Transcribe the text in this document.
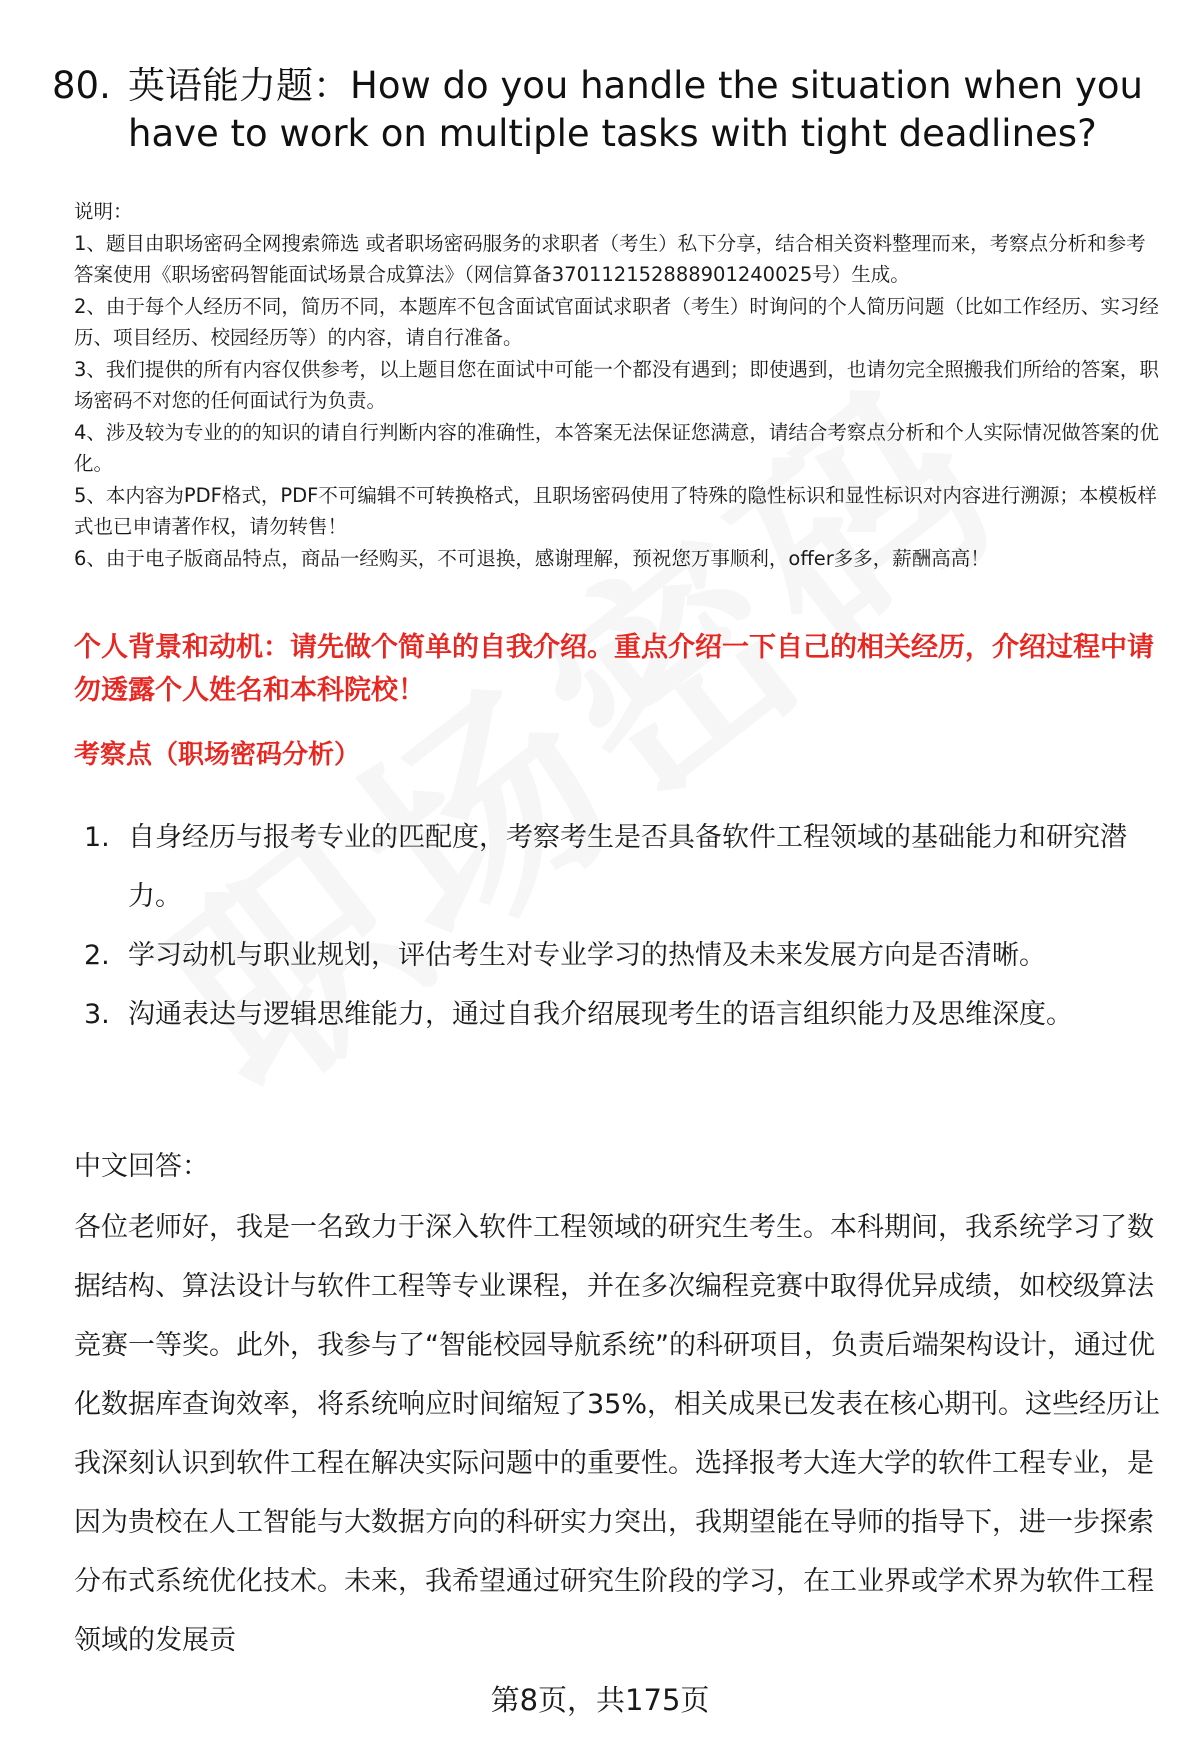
80. 英语能力题：How do you handle the situation when you have to work on multiple tasks with tight deadlines?
说明：
1、题目由职场密码全网搜索筛选 或者职场密码服务的求职者（考生）私下分享，结合相关资料整理而来，考察点分析和参考答案使用《职场密码智能面试场景合成算法》（网信算备370112152888901240025号）生成。
2、由于每个人经历不同，简历不同，本题库不包含面试官面试求职者（考生）时询问的个人简历问题（比如工作经历、实习经历、项目经历、校园经历等）的内容，请自行准备。
3、我们提供的所有内容仅供参考，以上题目您在面试中可能一个都没有遇到；即使遇到，也请勿完全照搬我们所给的答案，职场密码不对您的任何面试行为负责。
4、涉及较为专业的的知识的请自行判断内容的准确性，本答案无法保证您满意，请结合考察点分析和个人实际情况做答案的优化。
5、本内容为PDF格式，PDF不可编辑不可转换格式，且职场密码使用了特殊的隐性标识和显性标识对内容进行溯源；本模板样式也已申请著作权，请勿转售！
6、由于电子版商品特点，商品一经购买，不可退换，感谢理解，预祝您万事顺利，offer多多，薪酬高高！
个人背景和动机：请先做个简单的自我介绍。重点介绍一下自己的相关经历，介绍过程中请勿透露个人姓名和本科院校！
考察点（职场密码分析）
1. 自身经历与报考专业的匹配度，考察考生是否具备软件工程领域的基础能力和研究潜力。
2. 学习动机与职业规划，评估考生对专业学习的热情及未来发展方向是否清晰。
3. 沟通表达与逻辑思维能力，通过自我介绍展现考生的语言组织能力及思维深度。
中文回答：
各位老师好，我是一名致力于深入软件工程领域的研究生考生。本科期间，我系统学习了数据结构、算法设计与软件工程等专业课程，并在多次编程竞赛中取得优异成绩，如校级算法竞赛一等奖。此外，我参与了“智能校园导航系统”的科研项目，负责后端架构设计，通过优化数据库查询效率，将系统响应时间缩短了35%，相关成果已发表在核心期刊。这些经历让我深刻认识到软件工程在解决实际问题中的重要性。选择报考大连大学的软件工程专业，是因为贵校在人工智能与大数据方向的科研实力突出，我期望能在导师的指导下，进一步探索分布式系统优化技术。未来，我希望通过研究生阶段的学习，在工业界或学术界为软件工程领域的发展贡
第8页，共175页
